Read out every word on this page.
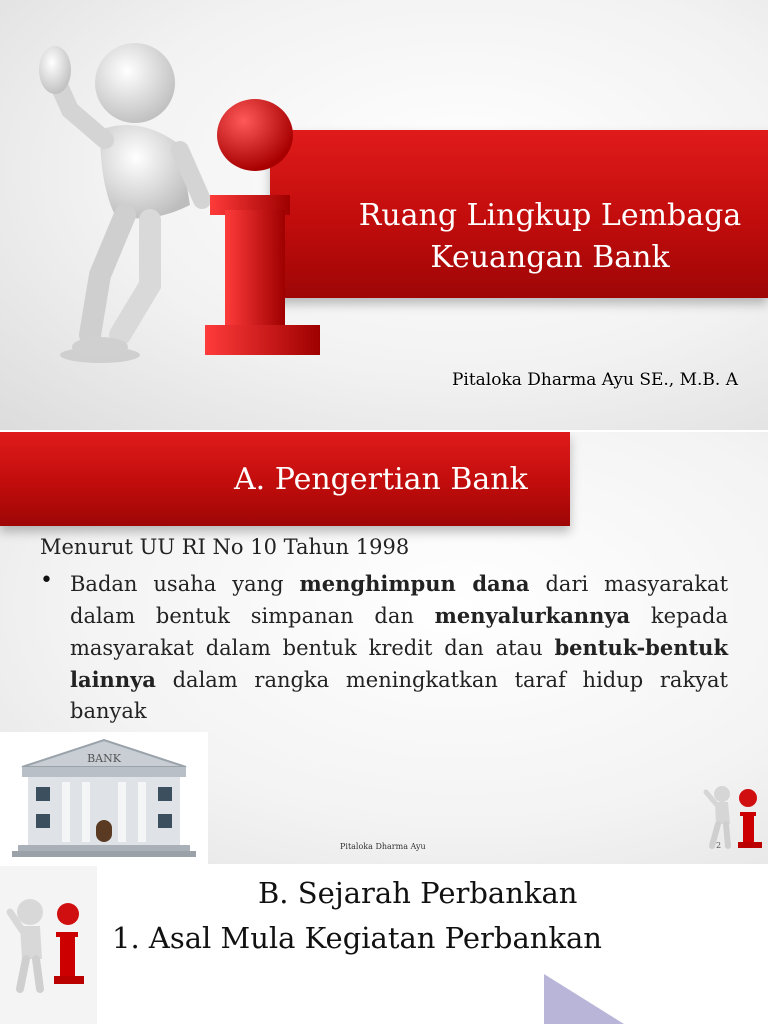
Ruang Lingkup Lembaga
Keuangan Bank
Pitaloka Dharma Ayu SE., M.B. A
A. Pengertian Bank
Menurut UU RI No 10 Tahun 1998
• Badan usaha yang menghimpun dana dari masyarakat dalam bentuk simpanan dan menyalurkannya kepada masyarakat dalam bentuk kredit dan atau bentuk-bentuk lainnya dalam rangka meningkatkan taraf hidup rakyat banyak
BANK
Pitaloka Dharma Ayu	2
B. Sejarah Perbankan
1. Asal Mula Kegiatan Perbankan
